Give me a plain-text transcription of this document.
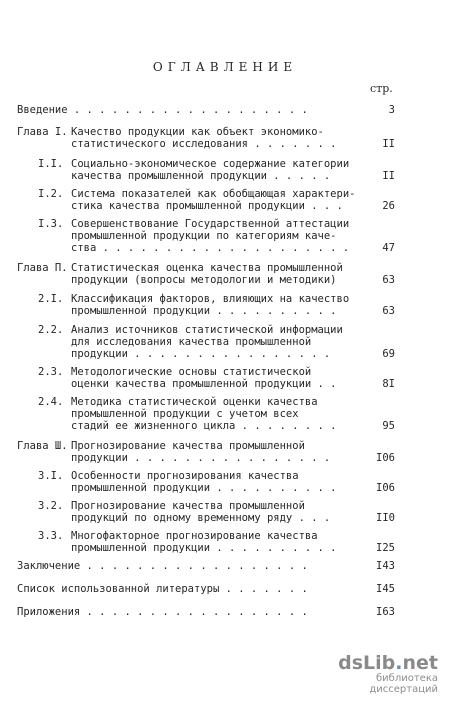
ОГЛАВЛЕНИЕ
стр.
Введение . . . . . . . . . . . . . . . . . . .	3
Глава I. Качество продукции как объект экономико-
статистического исследования . . . . . . .	II
I.I. Социально-экономическое содержание категории
качества промышленной продукции . . . . .	II
I.2. Система показателей как обобщающая характери-
стика качества промышленной продукции . . .	26
I.3. Совершенствование Государственной аттестации
промышленной продукции по категориям каче-
ства . . . . . . . . . . . . . . . . . . . .	47
Глава П. Статистическая оценка качества промышленной
продукции (вопросы методологии и методики)	63
2.I. Классификация факторов, влияющих на качество
промышленной продукции . . . . . . . . . .	63
2.2. Анализ источников статистической информации
для исследования качества промышленной
продукции . . . . . . . . . . . . . . . .	69
2.3. Методологические основы статистической
оценки качества промышленной продукции . .	8I
2.4. Методика статистической оценки качества
промышленной продукции с учетом всех
стадий ее жизненного цикла . . . . . . . .	95
Глава Ш. Прогнозирование качества промышленной
продукции . . . . . . . . . . . . . . . .	I06
3.I. Особенности прогнозирования качества
промышленной продукции . . . . . . . . . .	I06
3.2. Прогнозирование качества промышленной
продукций по одному временному ряду . . .	II0
3.3. Многофакторное прогнозирование качества
промышленной продукции . . . . . . . . . .	I25
Заключение . . . . . . . . . . . . . . . . . .	I43
Список использованной литературы . . . . . . .	I45
Приложения . . . . . . . . . . . . . . . . . .	I63
dsLib.net
библиотека диссертаций
